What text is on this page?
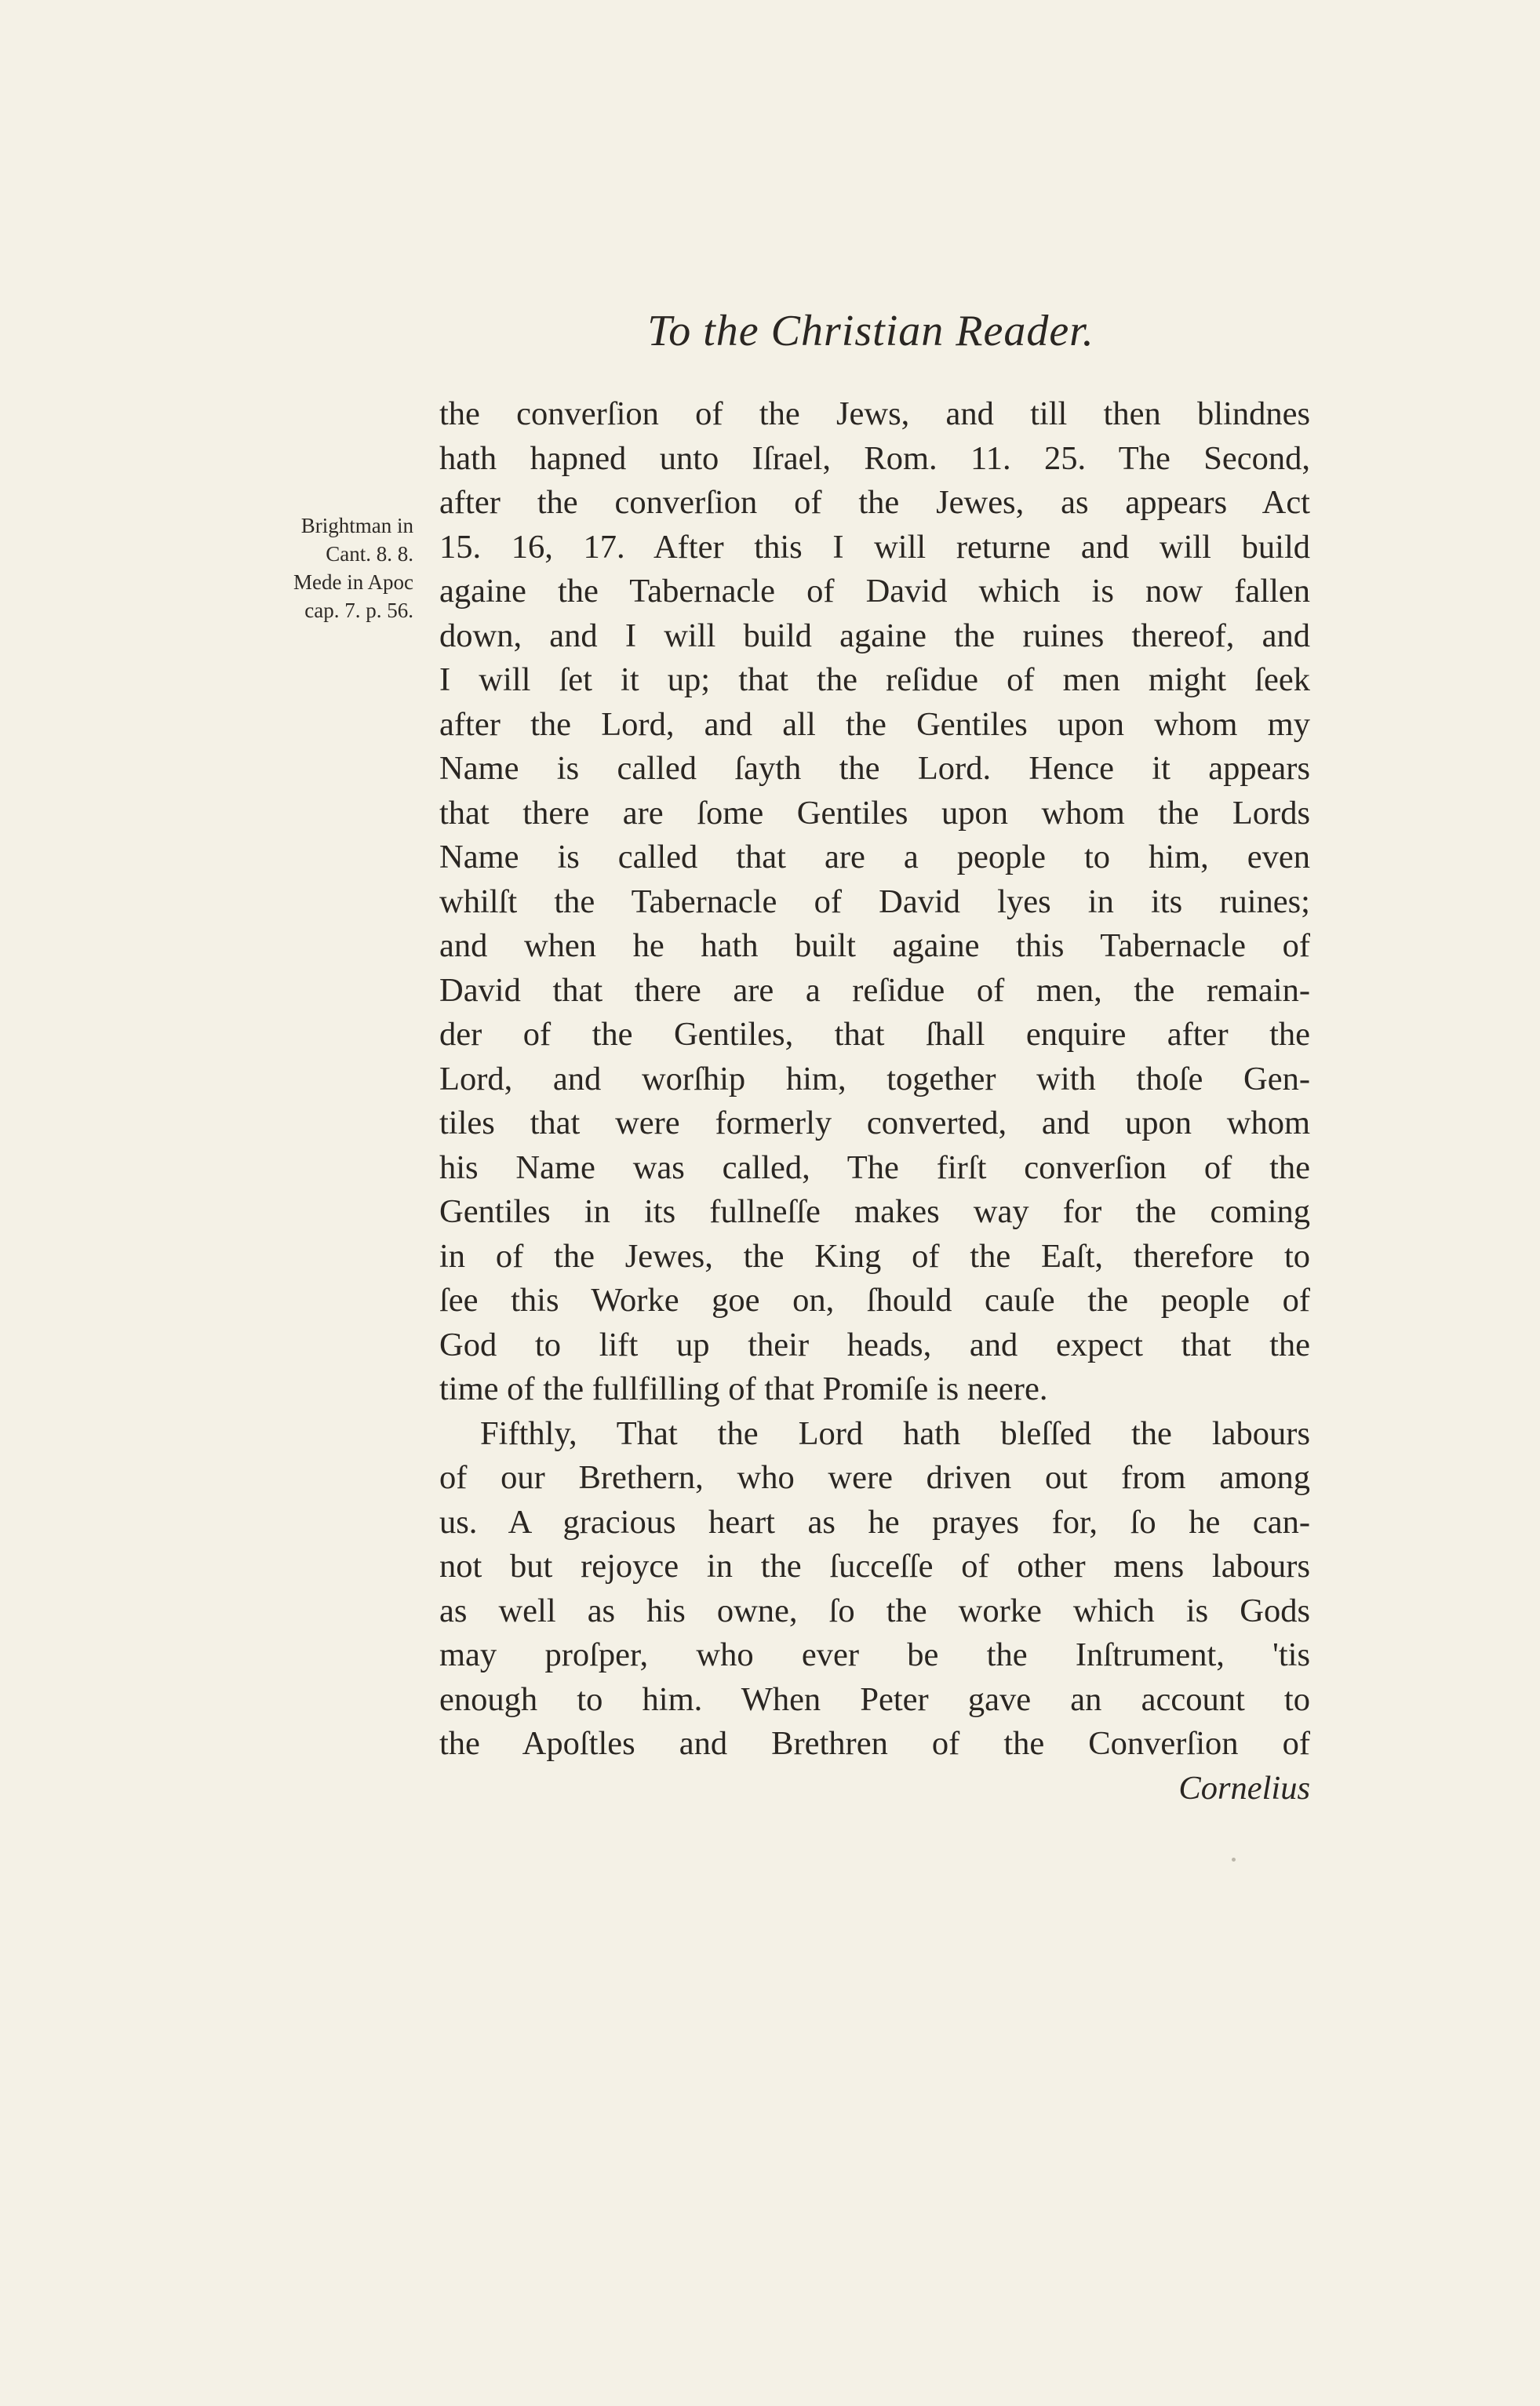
To the Christian Reader.
Brightman in
Cant. 8. 8.
Mede in Apoc
cap. 7. p. 56.
the converſion of the Jews, and till then blindnes
hath hapned unto Iſrael, Rom. 11. 25. The Second,
after the converſion of the Jewes, as appears Act
15. 16, 17. After this I will returne and will build
againe the Tabernacle of David which is now fallen
down, and I will build againe the ruines thereof, and
I will ſet it up; that the reſidue of men might ſeek
after the Lord, and all the Gentiles upon whom my
Name is called ſayth the Lord. Hence it appears
that there are ſome Gentiles upon whom the Lords
Name is called that are a people to him, even
whilſt the Tabernacle of David lyes in its ruines;
and when he hath built againe this Tabernacle of
David that there are a reſidue of men, the remain-
der of the Gentiles, that ſhall enquire after the
Lord, and worſhip him, together with thoſe Gen-
tiles that were formerly converted, and upon whom
his Name was called, The firſt converſion of the
Gentiles in its fullneſſe makes way for the coming
in of the Jewes, the King of the Eaſt, therefore to
ſee this Worke goe on, ſhould cauſe the people of
God to lift up their heads, and expect that the
time of the fullfilling of that Promiſe is neere.
Fifthly, That the Lord hath bleſſed the labours
of our Brethern, who were driven out from among
us. A gracious heart as he prayes for, ſo he can-
not but rejoyce in the ſucceſſe of other mens labours
as well as his owne, ſo the worke which is Gods
may proſper, who ever be the Inſtrument, 'tis
enough to him. When Peter gave an account to
the Apoſtles and Brethren of the Converſion of
Cornelius
